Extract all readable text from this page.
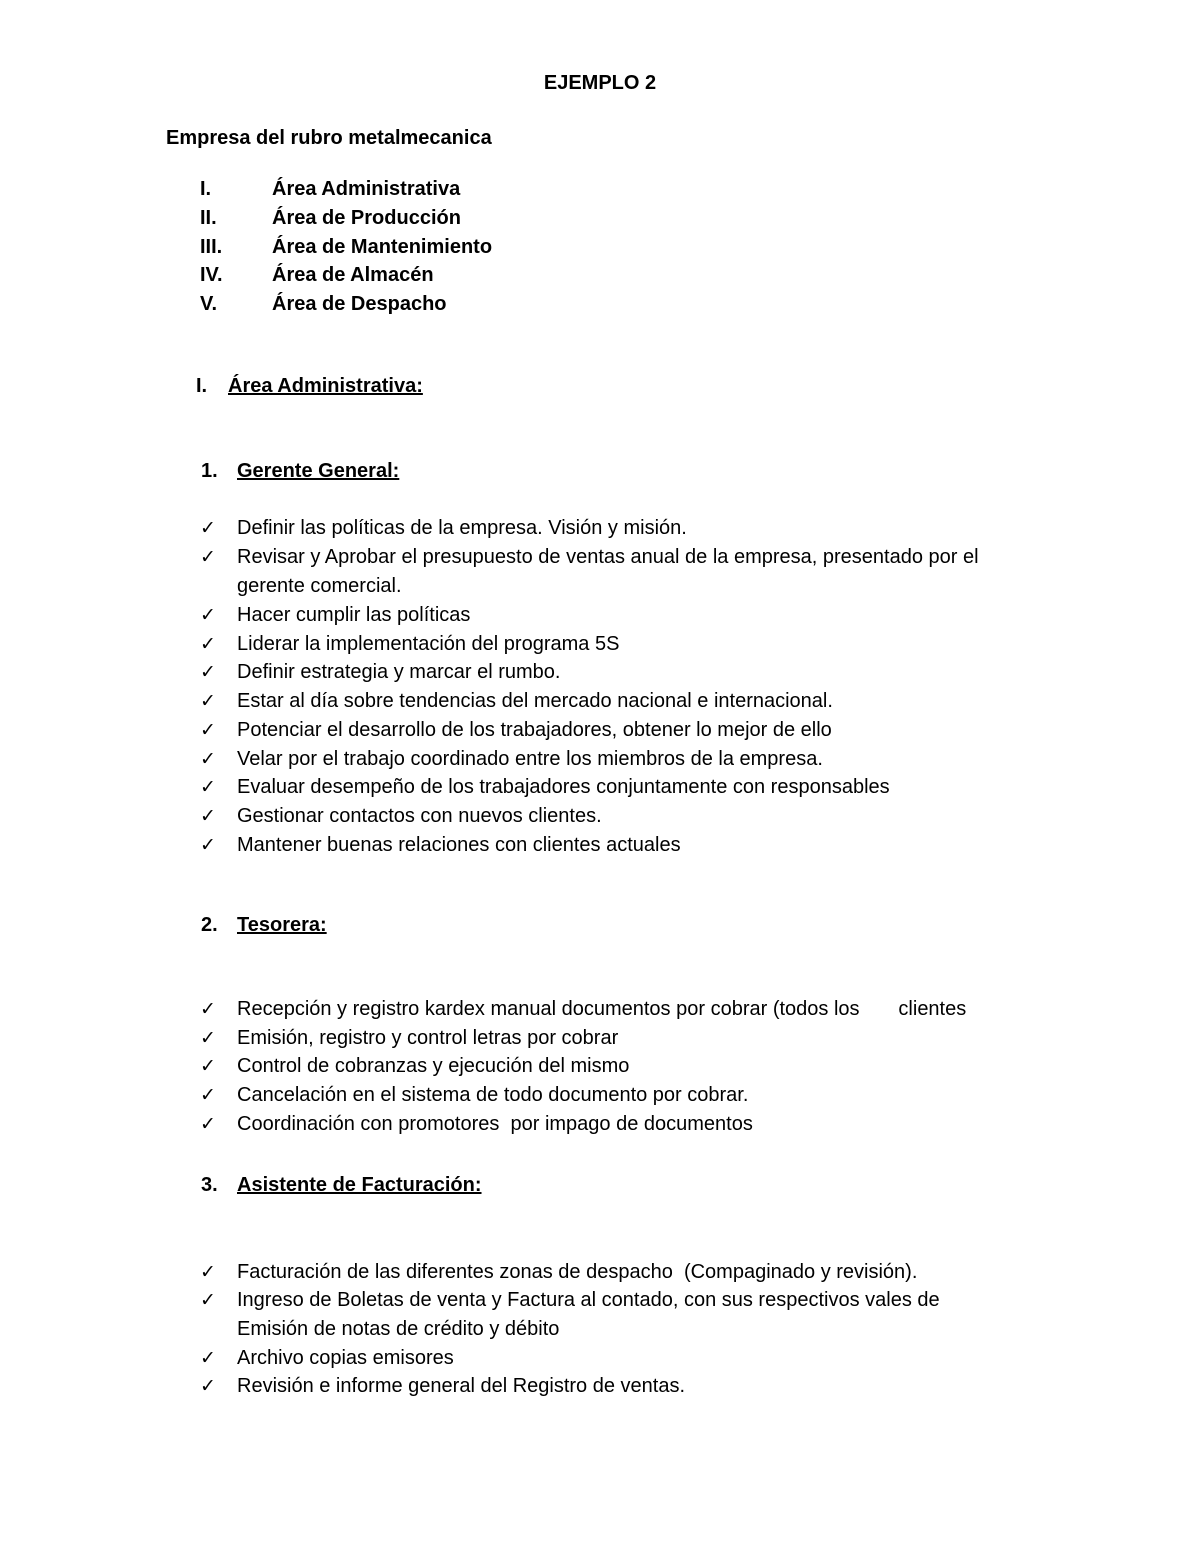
EJEMPLO 2
Empresa del rubro metalmecanica
I.	Área Administrativa
II.	Área de Producción
III. Área de Mantenimiento
IV. Área de Almacén
V.	Área de Despacho
I. Área Administrativa:
1. Gerente General:
✓	Definir las políticas de la empresa. Visión y misión.
✓	Revisar y Aprobar el presupuesto de ventas anual de la empresa, presentado por el
gerente comercial.
✓	Hacer cumplir las políticas
✓	Liderar la implementación del programa 5S
✓	Definir estrategia y marcar el rumbo.
✓	Estar al día sobre tendencias del mercado nacional e internacional.
✓	Potenciar el desarrollo de los trabajadores, obtener lo mejor de ello
✓	Velar por el trabajo coordinado entre los miembros de la empresa.
✓	Evaluar desempeño de los trabajadores conjuntamente con responsables
✓	Gestionar contactos con nuevos clientes.
✓	Mantener buenas relaciones con clientes actuales
2. Tesorera:
✓	Recepción y registro kardex manual documentos por cobrar (todos los       clientes
✓	Emisión, registro y control letras por cobrar
✓	Control de cobranzas y ejecución del mismo
✓	Cancelación en el sistema de todo documento por cobrar.
✓	Coordinación con promotores  por impago de documentos
3. Asistente de Facturación:
✓	Facturación de las diferentes zonas de despacho  (Compaginado y revisión).
✓	Ingreso de Boletas de venta y Factura al contado, con sus respectivos vales de
Emisión de notas de crédito y débito
✓	Archivo copias emisores
✓	Revisión e informe general del Registro de ventas.
